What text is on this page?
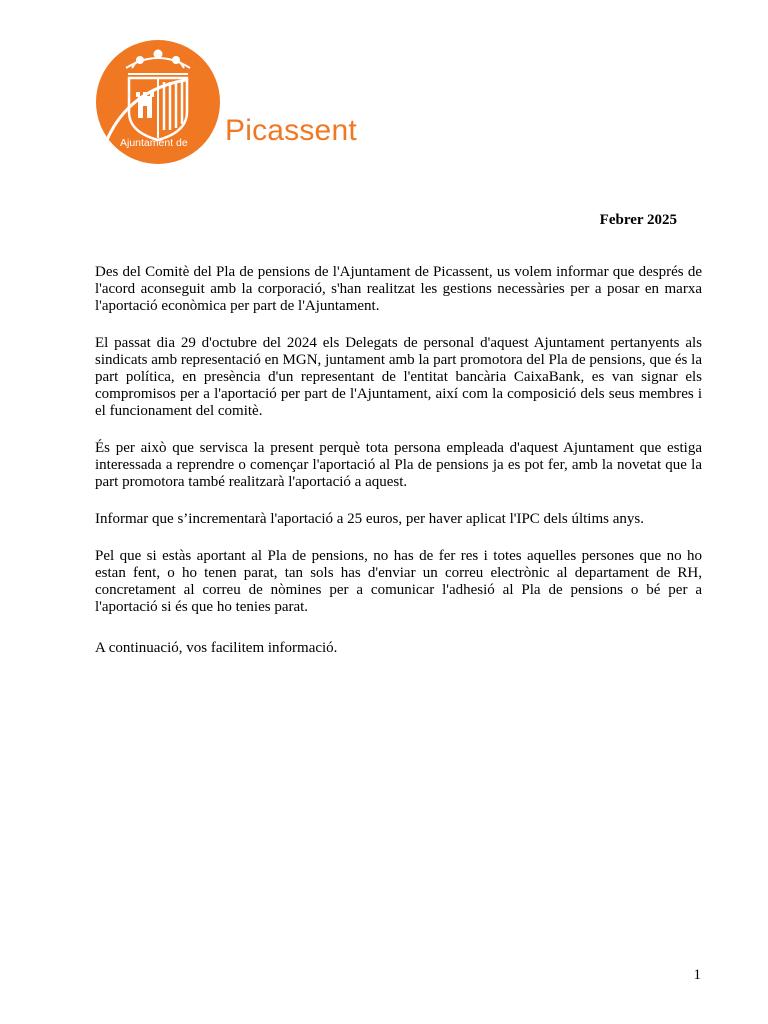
Ajuntament de Picassent
Febrer 2025

Des del Comitè del Pla de pensions de l'Ajuntament de Picassent, us volem informar que després de l'acord aconseguit amb la corporació, s'han realitzat les gestions necessàries per a posar en marxa l'aportació econòmica per part de l'Ajuntament.

El passat dia 29 d'octubre del 2024 els Delegats de personal d'aquest Ajuntament pertanyents als sindicats amb representació en MGN, juntament amb la part promotora del Pla de pensions, que és la part política, en presència d'un representant de l'entitat bancària CaixaBank, es van signar els compromisos per a l'aportació per part de l'Ajuntament, així com la composició dels seus membres i el funcionament del comitè.

És per això que servisca la present perquè tota persona empleada d'aquest Ajuntament que estiga interessada a reprendre o començar l'aportació al Pla de pensions ja es pot fer, amb la novetat que la part promotora també realitzarà l'aportació a aquest.

Informar que s’incrementarà l'aportació a 25 euros, per haver aplicat l'IPC dels últims anys.

Pel que si estàs aportant al Pla de pensions, no has de fer res i totes aquelles persones que no ho estan fent, o ho tenen parat, tan sols has d'enviar un correu electrònic al departament de RH, concretament al correu de nòmines per a comunicar l'adhesió al Pla de pensions o bé per a l'aportació si és que ho tenies parat.

A continuació, vos facilitem informació.

1
